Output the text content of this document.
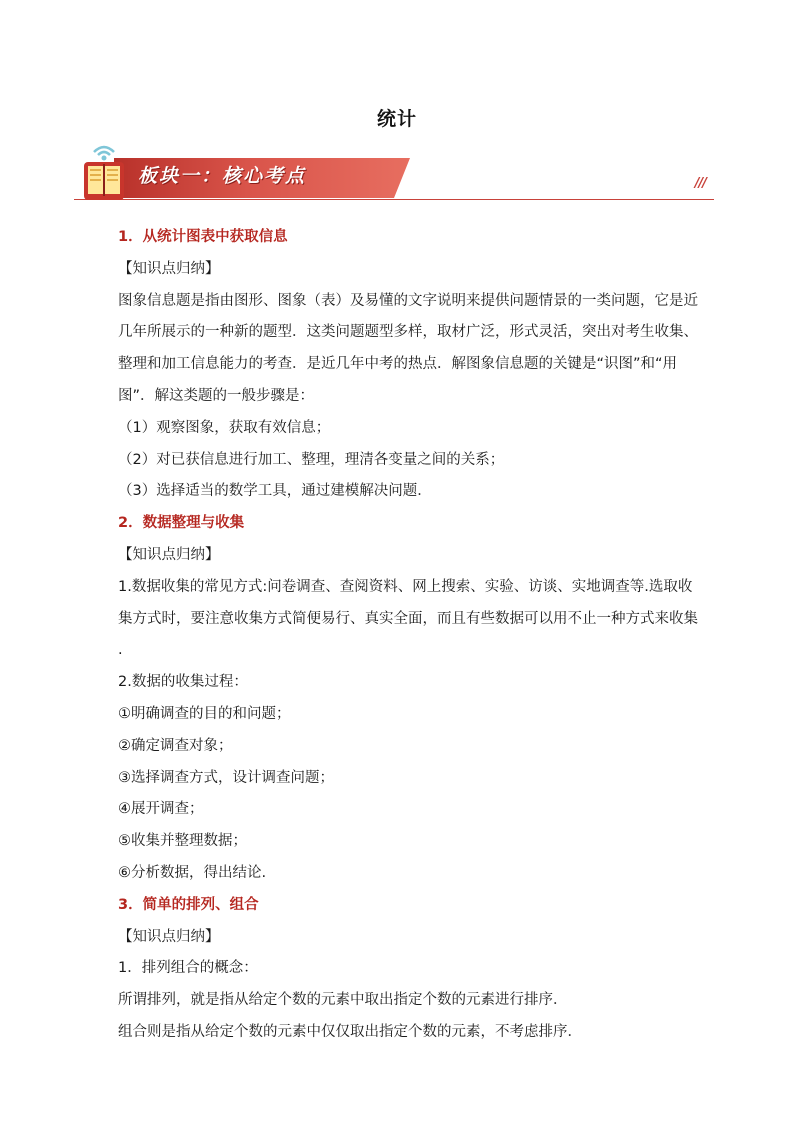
统计
板块一：核心考点	///
1．从统计图表中获取信息
【知识点归纳】
图象信息题是指由图形、图象（表）及易懂的文字说明来提供问题情景的一类问题，它是近
几年所展示的一种新的题型．这类问题题型多样，取材广泛，形式灵活，突出对考生收集、
整理和加工信息能力的考查．是近几年中考的热点．解图象信息题的关键是“识图”和“用
图”．解这类题的一般步骤是：
（1）观察图象，获取有效信息；
（2）对已获信息进行加工、整理，理清各变量之间的关系；
（3）选择适当的数学工具，通过建模解决问题．
2．数据整理与收集
【知识点归纳】
1.数据收集的常见方式:问卷调查、查阅资料、网上搜索、实验、访谈、实地调查等.选取收
集方式时，要注意收集方式简便易行、真实全面，而且有些数据可以用不止一种方式来收集
.
2.数据的收集过程：
①明确调查的目的和问题；
②确定调查对象；
③选择调查方式，设计调查问题；
④展开调查；
⑤收集并整理数据；
⑥分析数据，得出结论.
3．简单的排列、组合
【知识点归纳】
1．排列组合的概念：
所谓排列，就是指从给定个数的元素中取出指定个数的元素进行排序．
组合则是指从给定个数的元素中仅仅取出指定个数的元素，不考虑排序．
